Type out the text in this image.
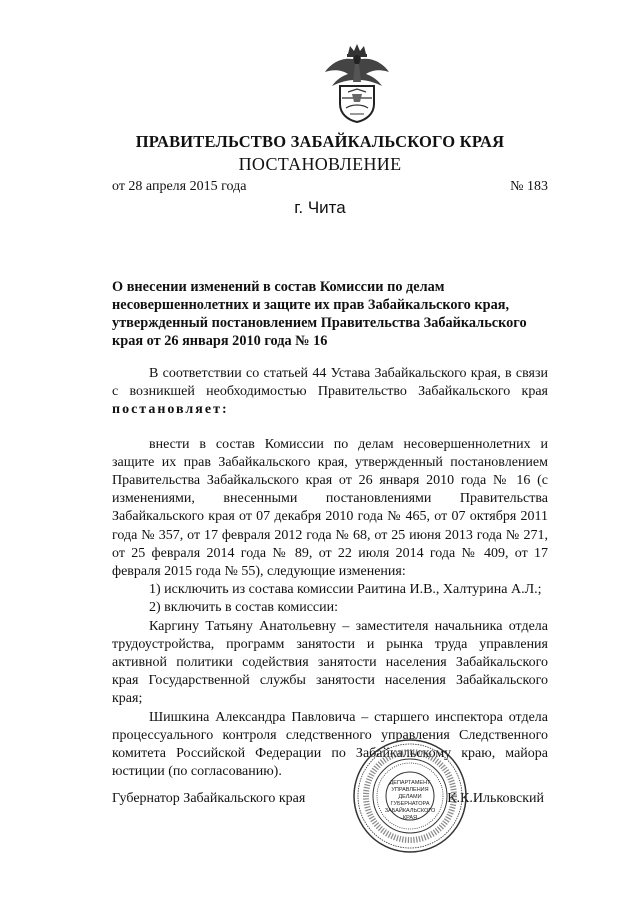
ПРАВИТЕЛЬСТВО ЗАБАЙКАЛЬСКОГО КРАЯ
ПОСТАНОВЛЕНИЕ
от 28 апреля 2015 года	№ 183
г. Чита

О внесении изменений в состав Комиссии по делам несовершеннолетних и защите их прав Забайкальского края, утвержденный постановлением Правительства Забайкальского края от 26 января 2010 года № 16

В соответствии со статьей 44 Устава Забайкальского края, в связи с возникшей необходимостью Правительство Забайкальского края постановляет:

внести в состав Комиссии по делам несовершеннолетних и защите их прав Забайкальского края, утвержденный постановлением Правительства Забайкальского края от 26 января 2010 года № 16 (с изменениями, внесенными постановлениями Правительства Забайкальского края от 07 декабря 2010 года № 465, от 07 октября 2011 года № 357, от 17 февраля 2012 года № 68, от 25 июня 2013 года № 271, от 25 февраля 2014 года № 89, от 22 июля 2014 года № 409, от 17 февраля 2015 года № 55), следующие изменения:

1) исключить из состава комиссии Раитина И.В., Халтурина А.Л.;

2) включить в состав комиссии:

Каргину Татьяну Анатольевну – заместителя начальника отдела трудоустройства, программ занятости и рынка труда управления активной политики содействия занятости населения Забайкальского края Государственной службы занятости населения Забайкальского края;

Шишкина Александра Павловича – старшего инспектора отдела процессуального контроля следственного управления Следственного комитета Российской Федерации по Забайкальскому краю, майора юстиции (по согласованию).

Губернатор Забайкальского края	К.К.Ильковский
ДЕПАРТАМЕНТ
УПРАВЛЕНИЯ
ДЕЛАМИ
ГУБЕРНАТОРА
ЗАБАЙКАЛЬСКОГО
КРАЯ
